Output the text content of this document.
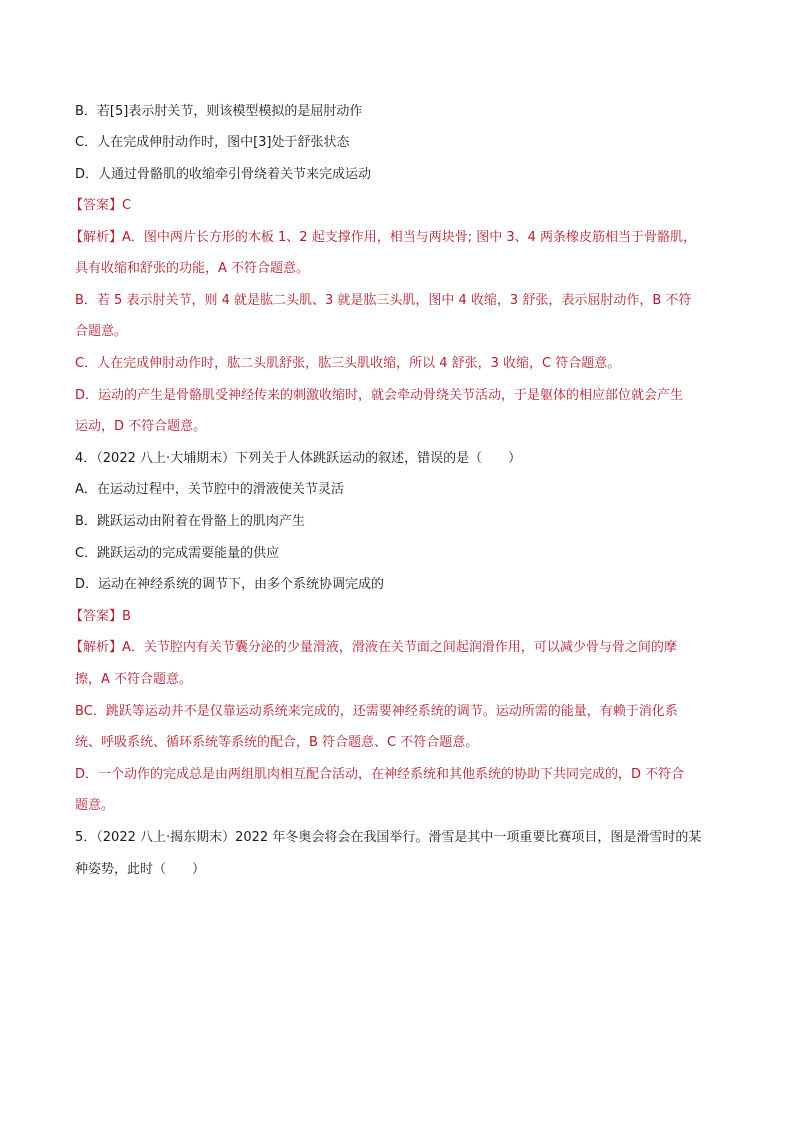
B．若[5]表示肘关节，则该模型模拟的是屈肘动作
C．人在完成伸肘动作时，图中[3]处于舒张状态
D．人通过骨骼肌的收缩牵引骨绕着关节来完成运动
【答案】C
【解析】A．图中两片长方形的木板 1、2 起支撑作用，相当与两块骨; 图中 3、4 两条橡皮筋相当于骨骼肌，
具有收缩和舒张的功能，A 不符合题意。
B．若 5 表示肘关节，则 4 就是肱二头肌、3 就是肱三头肌，图中 4 收缩，3 舒张，表示屈肘动作，B 不符
合题意。
C．人在完成伸肘动作时，肱二头肌舒张，肱三头肌收缩，所以 4 舒张，3 收缩，C 符合题意。
D．运动的产生是骨骼肌受神经传来的刺激收缩时，就会牵动骨绕关节活动，于是躯体的相应部位就会产生
运动，D 不符合题意。
4．（2022 八上·大埔期末）下列关于人体跳跃运动的叙述，错误的是（　　）
A．在运动过程中，关节腔中的滑液使关节灵活
B．跳跃运动由附着在骨骼上的肌肉产生
C．跳跃运动的完成需要能量的供应
D．运动在神经系统的调节下，由多个系统协调完成的
【答案】B
【解析】A．关节腔内有关节囊分泌的少量滑液，滑液在关节面之间起润滑作用，可以减少骨与骨之间的摩
擦，A 不符合题意。
BC．跳跃等运动并不是仅靠运动系统来完成的，还需要神经系统的调节。运动所需的能量，有赖于消化系
统、呼吸系统、循环系统等系统的配合，B 符合题意、C 不符合题意。
D．一个动作的完成总是由两组肌肉相互配合活动，在神经系统和其他系统的协助下共同完成的，D 不符合
题意。
5．（2022 八上·揭东期末）2022 年冬奥会将会在我国举行。滑雪是其中一项重要比赛项目，图是滑雪时的某
种姿势，此时（　　）
